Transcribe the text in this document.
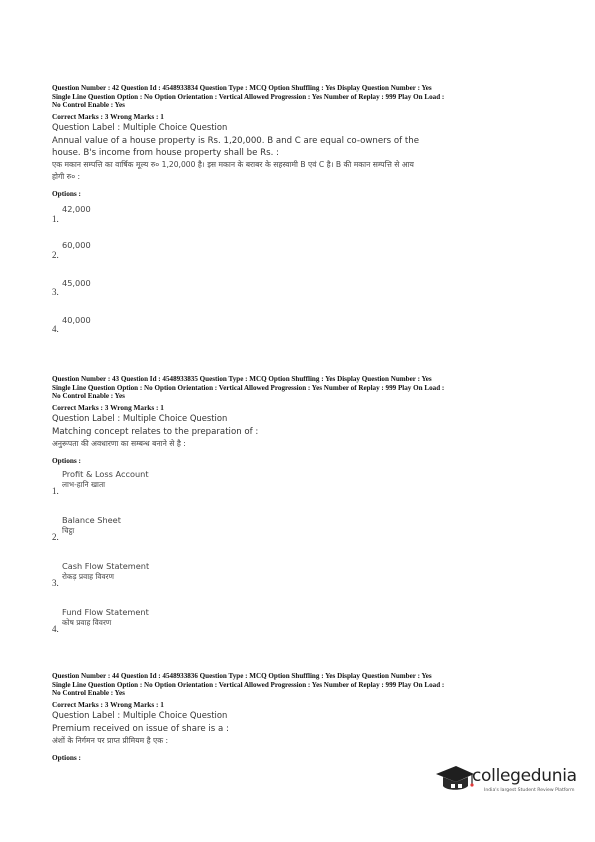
Question Number : 42 Question Id : 4548933834 Question Type : MCQ Option Shuffling : Yes Display Question Number : Yes
Single Line Question Option : No Option Orientation : Vertical Allowed Progression : Yes Number of Replay : 999 Play On Load :
No Control Enable : Yes
Correct Marks : 3 Wrong Marks : 1
Question Label : Multiple Choice Question
Annual value of a house property is Rs. 1,20,000. B and C are equal co-owners of the house. B's income from house property shall be Rs. :
एक मकान सम्पत्ति का वार्षिक मूल्य रु० 1,20,000 है। इस मकान के बराबर के सहस्वामी B एवं C है। B की मकान सम्पत्ति से आय होगी रु० :
Options :
1.
42,000
2.
60,000
3.
45,000
4.
40,000
Question Number : 43 Question Id : 4548933835 Question Type : MCQ Option Shuffling : Yes Display Question Number : Yes
Single Line Question Option : No Option Orientation : Vertical Allowed Progression : Yes Number of Replay : 999 Play On Load :
No Control Enable : Yes
Correct Marks : 3 Wrong Marks : 1
Question Label : Multiple Choice Question
Matching concept relates to the preparation of :
अनुरूपता की अवधारणा का सम्बन्ध बनाने से है :
Options :
1.
Profit & Loss Account
लाभ-हानि खाता
2.
Balance Sheet
चिट्ठा
3.
Cash Flow Statement
रोकड़ प्रवाह विवरण
4.
Fund Flow Statement
कोष प्रवाह विवरण
Question Number : 44 Question Id : 4548933836 Question Type : MCQ Option Shuffling : Yes Display Question Number : Yes
Single Line Question Option : No Option Orientation : Vertical Allowed Progression : Yes Number of Replay : 999 Play On Load :
No Control Enable : Yes
Correct Marks : 3 Wrong Marks : 1
Question Label : Multiple Choice Question
Premium received on issue of share is a :
अंशों के निर्गमन पर प्राप्त प्रीमियम है एक :
Options :
collegedunia
India's largest Student Review Platform
